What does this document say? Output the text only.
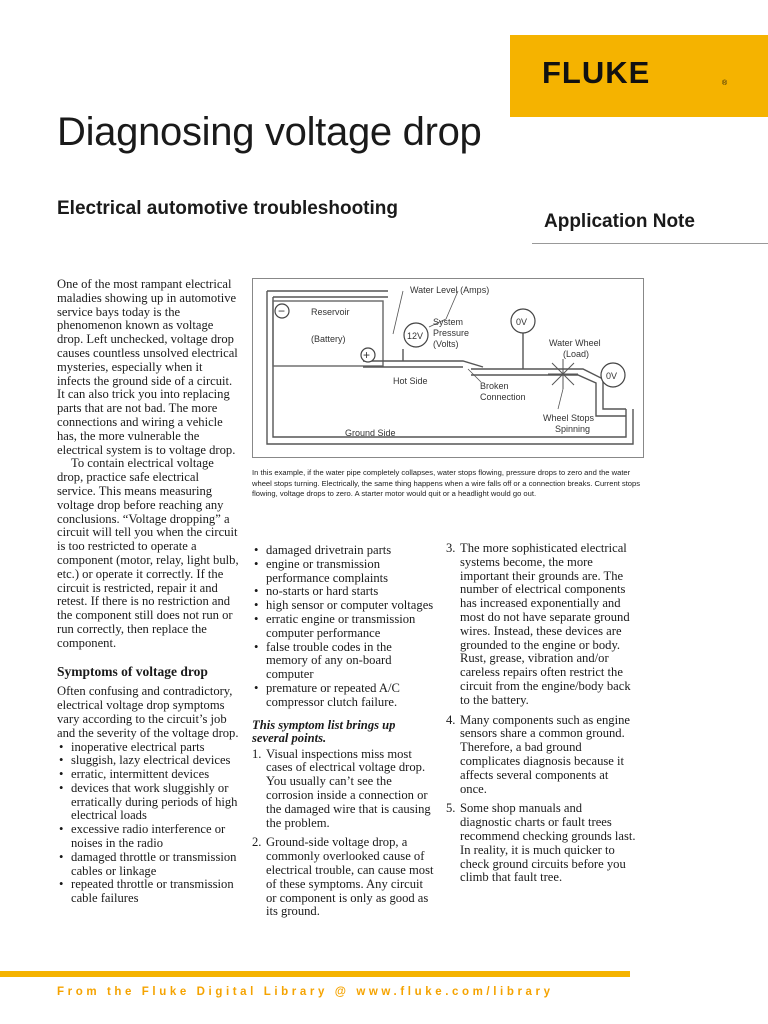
FLUKE	®
Diagnosing voltage drop
Electrical automotive troubleshooting
Application Note

One of the most rampant electrical maladies showing up in automotive service bays today is the phenomenon known as voltage drop. Left unchecked, voltage drop causes countless unsolved electrical mysteries, especially when it infects the ground side of a circuit. It can also trick you into replacing parts that are not bad. The more connections and wiring a vehicle has, the more vulnerable the electrical system is to voltage drop.

To contain electrical voltage drop, practice safe electrical service. This means measuring voltage drop before reaching any conclusions. “Voltage dropping” a circuit will tell you when the circuit is too restricted to operate a component (motor, relay, light bulb, etc.) or operate it correctly. If the circuit is restricted, repair it and retest. If there is no restriction and the component still does not run or run correctly, then replace the component.

Symptoms of voltage drop

Often confusing and contradictory, electrical voltage drop symptoms vary according to the circuit’s job and the severity of the voltage drop.

• inoperative electrical parts
• sluggish, lazy electrical devices
• erratic, intermittent devices
• devices that work sluggishly or erratically during periods of high electrical loads
• excessive radio interference or noises in the radio
• damaged throttle or transmission cables or linkage
• repeated throttle or transmission cable failures
−
+
12V
0V
0V
Water Level (Amps)
Reservoir
(Battery)
System
Pressure
(Volts)	Water Wheel
(Load)
Hot Side	Broken
Connection
Wheel Stops
Spinning
Ground Side
In this example, if the water pipe completely collapses, water stops flowing, pressure drops to zero and the water wheel stops turning. Electrically, the same thing happens when a wire falls off or a connection breaks. Current stops flowing, voltage drops to zero. A starter motor would quit or a headlight would go out.
• damaged drivetrain parts
• engine or transmission performance complaints
• no-starts or hard starts
• high sensor or computer voltages
• erratic engine or transmission computer performance
• false trouble codes in the memory of any on-board computer
• premature or repeated A/C compressor clutch failure.
This symptom list brings up several points.
1. Visual inspections miss most cases of electrical voltage drop. You usually can’t see the corrosion inside a connection or the damaged wire that is causing the problem.
2. Ground-side voltage drop, a commonly overlooked cause of electrical trouble, can cause most of these symptoms. Any circuit or component is only as good as its ground.
3. The more sophisticated electrical systems become, the more important their grounds are. The number of electrical components has increased exponentially and most do not have separate ground wires. Instead, these devices are grounded to the engine or body. Rust, grease, vibration and/or careless repairs often restrict the circuit from the engine/body back to the battery.
4. Many components such as engine sensors share a common ground. Therefore, a bad ground complicates diagnosis because it affects several components at once.
5. Some shop manuals and diagnostic charts or fault trees recommend checking grounds last. In reality, it is much quicker to check ground circuits before you climb that fault tree.
From the Fluke Digital Library @ www.fluke.com/library
